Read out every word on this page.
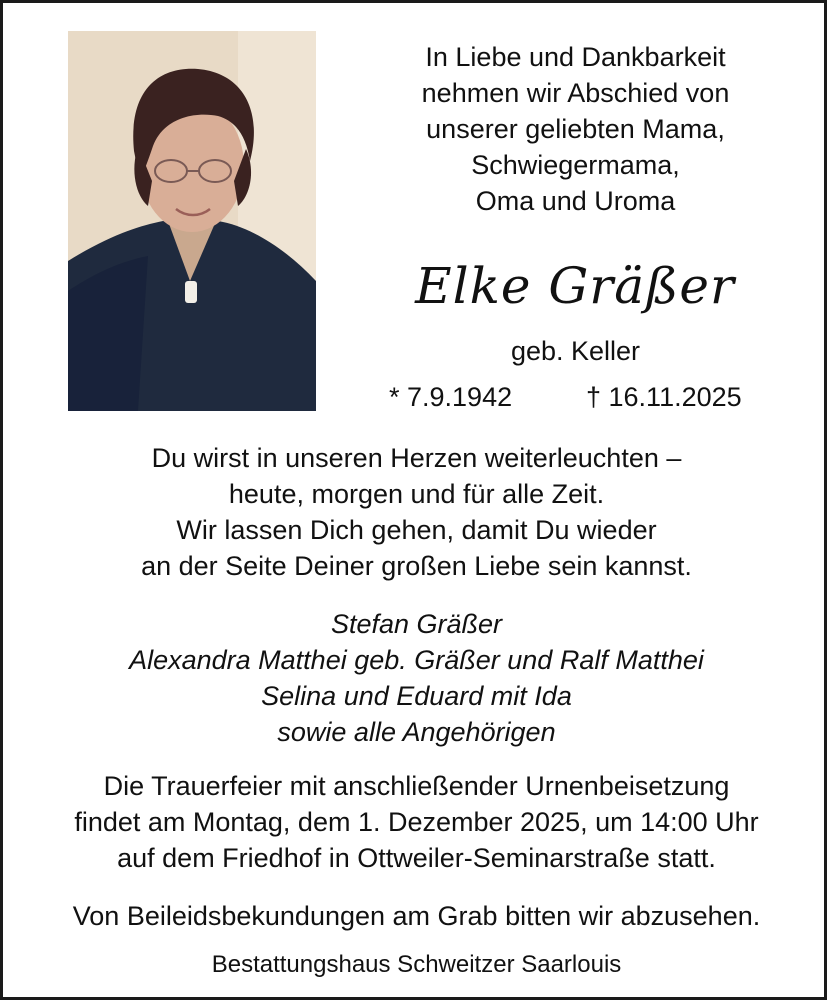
In Liebe und Dankbarkeit
nehmen wir Abschied von
unserer geliebten Mama,
Schwiegermama,
Oma und Uroma
Elke Gräßer
geb. Keller
* 7.9.1942	† 16.11.2025
Du wirst in unseren Herzen weiterleuchten –
heute, morgen und für alle Zeit.
Wir lassen Dich gehen, damit Du wieder
an der Seite Deiner großen Liebe sein kannst.
Stefan Gräßer
Alexandra Matthei geb. Gräßer und Ralf Matthei
Selina und Eduard mit Ida
sowie alle Angehörigen
Die Trauerfeier mit anschließender Urnenbeisetzung
findet am Montag, dem 1. Dezember 2025, um 14:00 Uhr
auf dem Friedhof in Ottweiler-Seminarstraße statt.
Von Beileidsbekundungen am Grab bitten wir abzusehen.
Bestattungshaus Schweitzer Saarlouis
